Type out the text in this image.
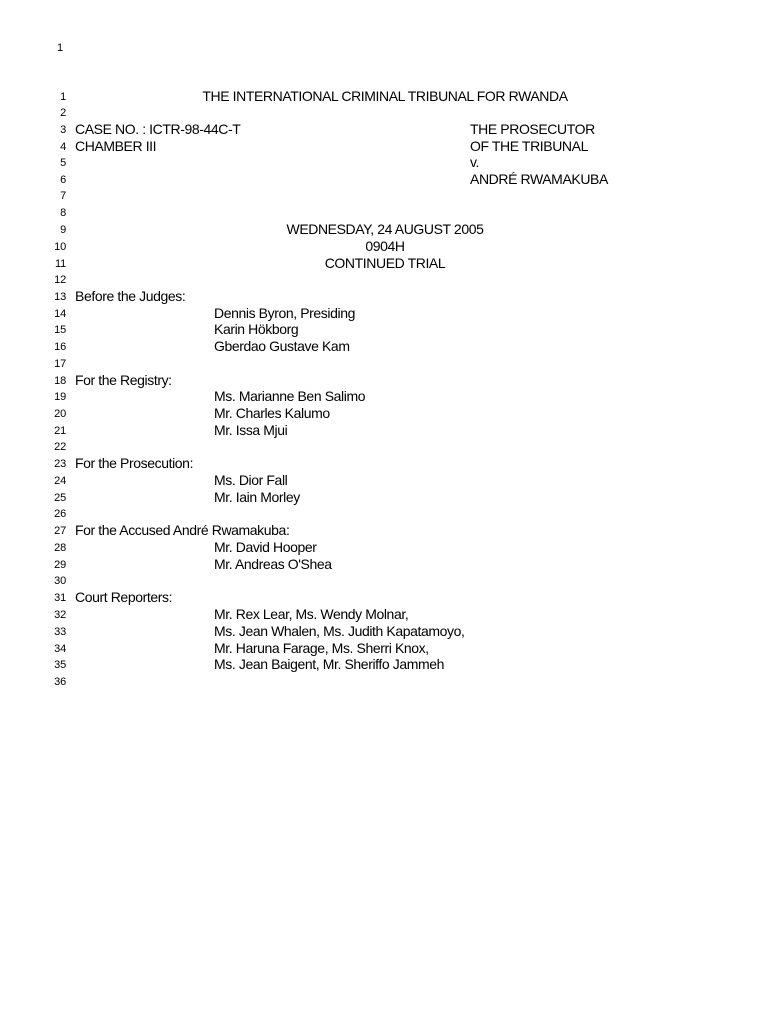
1

1

	THE INTERNATIONAL CRIMINAL TRIBUNAL FOR RWANDA

2

3

CASE NO. : ICTR-98-44C-T

	THE PROSECUTOR

4

CHAMBER III

	OF THE TRIBUNAL

5

	v.

6

	ANDRÉ RWAMAKUBA

7

8

9

	WEDNESDAY, 24 AUGUST 2005

10

	0904H

11

	CONTINUED TRIAL

12

13

Before the Judges:

14

	Dennis Byron, Presiding

15

	Karin Hökborg

16

	Gberdao Gustave Kam

17

18

For the Registry:

19

	Ms. Marianne Ben Salimo

20

	Mr. Charles Kalumo

21

	Mr. Issa Mjui

22

23

For the Prosecution:

24

	Ms. Dior Fall

25

	Mr. Iain Morley

26

27

For the Accused André Rwamakuba:

28

	Mr. David Hooper

29

	Mr. Andreas O'Shea

30

31

Court Reporters:

32

	Mr. Rex Lear, Ms. Wendy Molnar,

33

	Ms. Jean Whalen, Ms. Judith Kapatamoyo,

34

	Mr. Haruna Farage, Ms. Sherri Knox,

35

	Ms. Jean Baigent, Mr. Sheriffo Jammeh

36
